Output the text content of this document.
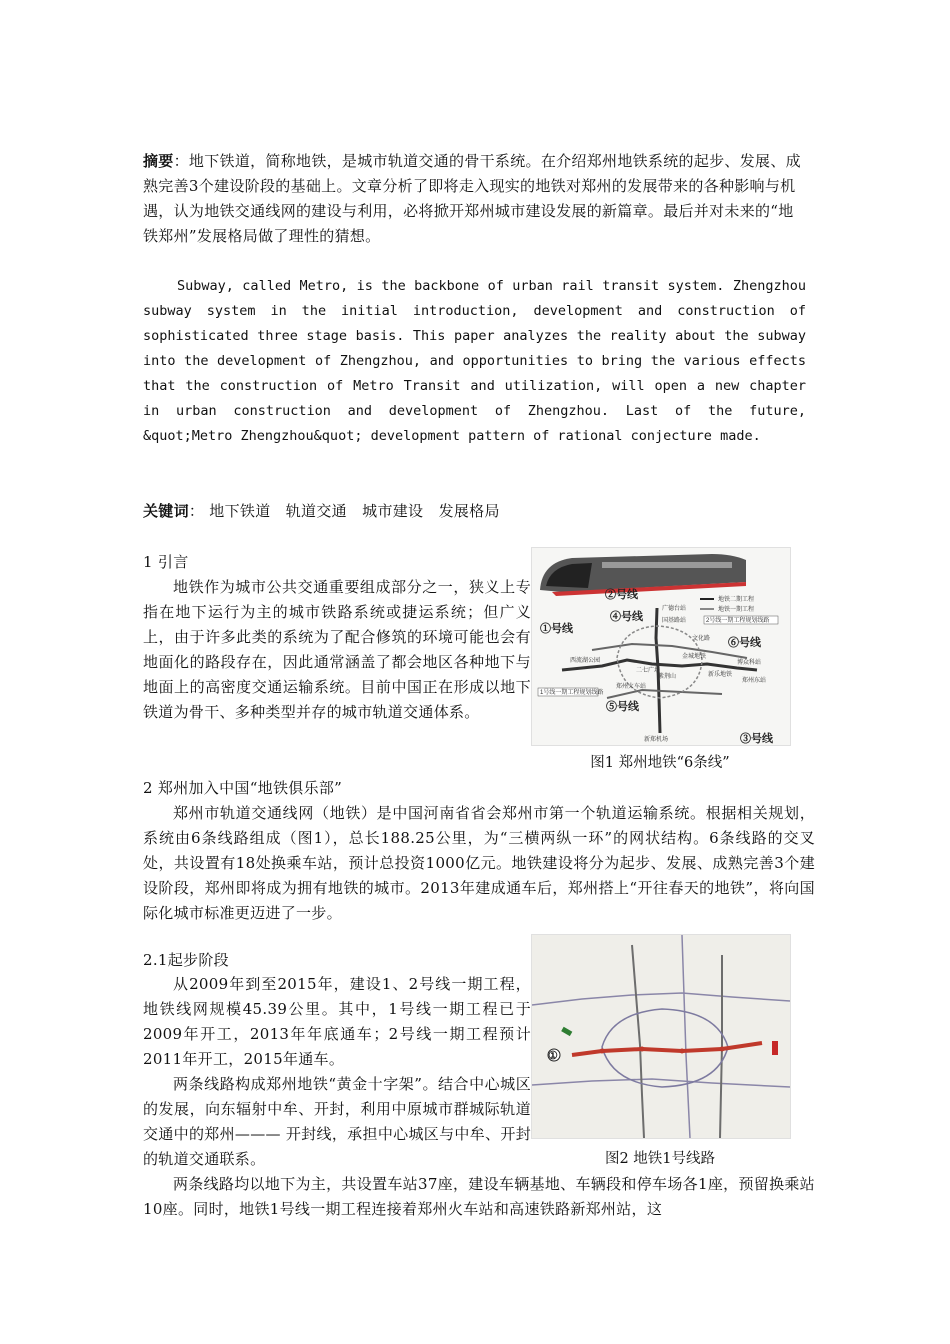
摘要：地下铁道，简称地铁，是城市轨道交通的骨干系统。在介绍郑州地铁系统的起步、发展、成熟完善3个建设阶段的基础上。文章分析了即将走入现实的地铁对郑州的发展带来的各种影响与机遇，认为地铁交通线网的建设与利用，必将掀开郑州城市建设发展的新篇章。最后并对未来的“地铁郑州”发展格局做了理性的猜想。
Subway, called Metro, is the backbone of urban rail transit system. Zhengzhou subway system in the initial introduction, development and construction of sophisticated three stage basis. This paper analyzes the reality about the subway into the development of Zhengzhou, and opportunities to bring the various effects that the construction of Metro Transit and utilization, will open a new chapter in urban construction and development of Zhengzhou. Last of the future, &quot;Metro Zhengzhou&quot; development pattern of rational conjecture made.
关键词： 地下铁道 轨道交通 城市建设 发展格局
1 引言
地铁作为城市公共交通重要组成部分之一，狭义上专指在地下运行为主的城市铁路系统或捷运系统；但广义上，由于许多此类的系统为了配合修筑的环境可能也会有地面化的路段存在，因此通常涵盖了都会地区各种地下与地面上的高密度交通运输系统。目前中国正在形成以地下铁道为骨干、多种类型并存的城市轨道交通体系。
地铁二期工程
地铁一期工程
②号线
④号线
①号线
⑥号线
⑤号线
③号线
广德台站
国基路站
西流湖公园
二七广场
金城地铁
博众科站
郑州火车站
新乐地铁
紫荆山
文化路
郑州东站
新郑机场
1号线一期工程规划线路
2号线一期工程规划线路
图1 郑州地铁“6条线”
2 郑州加入中国“地铁俱乐部”
郑州市轨道交通线网（地铁）是中国河南省省会郑州市第一个轨道运输系统。根据相关规划，系统由6条线路组成（图1），总长188.25公里，为“三横两纵一环”的网状结构。6条线路的交叉处，共设置有18处换乘车站，预计总投资1000亿元。地铁建设将分为起步、发展、成熟完善3个建设阶段，郑州即将成为拥有地铁的城市。2013年建成通车后，郑州搭上“开往春天的地铁”，将向国际化城市标准更迈进了一步。
2.1起步阶段
从2009年到至2015年，建设1、2号线一期工程，地铁线网规模45.39公里。其中，1号线一期工程已于2009年开工，2013年年底通车；2号线一期工程预计2011年开工，2015年通车。
两条线路构成郑州地铁“黄金十字架”。结合中心城区的发展，向东辐射中牟、开封，利用中原城市群城际轨道交通中的郑州——— 开封线，承担中心城区与中牟、开封的轨道交通联系。
①
图2 地铁1号线路
两条线路均以地下为主，共设置车站37座，建设车辆基地、车辆段和停车场各1座，预留换乘站10座。同时，地铁1号线一期工程连接着郑州火车站和高速铁路新郑州站，这
